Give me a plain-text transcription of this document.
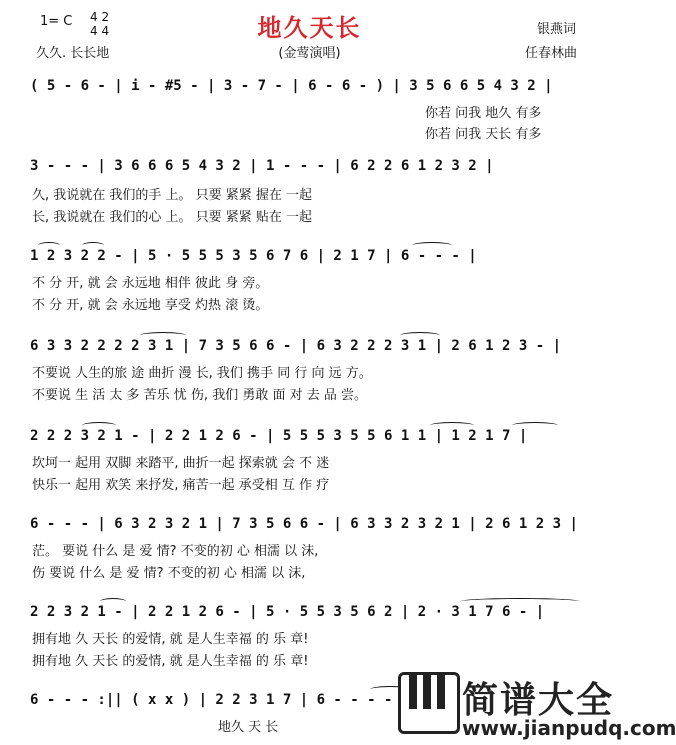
地久天长
(金莺演唱)
1= C 4 2
4 4
久久. 长长地
银燕词
任春林曲
( 5 - 6 - | i - #5 - | 3 - 7 - | 6 - 6 - ) | 3 5 6 6 5 4 3 2 |
你若 问我 地久 有多
你若 问我 天长 有多
3 - - - | 3 6 6 6 5 4 3 2 | 1 - - - | 6 2 2 6 1 2 3 2 |
久, 我说就在 我们的手 上。 只要 紧紧 握在 一起
长, 我说就在 我们的心 上。 只要 紧紧 贴在 一起
1 2 3 2 2 - | 5 · 5 5 5 3 5 6 7 6 | 2 1 7 | 6 - - - |
不 分 开, 就 会 永远地 相伴 彼此 身 旁。
不 分 开, 就 会 永远地 享受 灼热 滚 烫。
6 3 3 2 2 2 2 3 1 | 7 3 5 6 6 - | 6 3 2 2 2 3 1 | 2 6 1 2 3 - |
不要说 人生的旅 途 曲折 漫 长, 我们 携手 同 行 向 远 方。
不要说 生 活 太 多 苦乐 忧 伤, 我们 勇敢 面 对 去 品 尝。
2 2 2 3 2 1 - | 2 2 1 2 6 - | 5 5 5 3 5 5 6 1 1 | 1 2 1 7 |
坎坷一 起用 双脚 来踏平, 曲折一起 探索就 会 不 迷
快乐一 起用 欢笑 来抒发, 痛苦一起 承受相 互 作 疗
6 - - - | 6 3 2 3 2 1 | 7 3 5 6 6 - | 6 3 3 2 3 2 1 | 2 6 1 2 3 |
茫。 要说 什么 是 爱 情? 不变的初 心 相濡 以 沫,
伤 要说 什么 是 爱 情? 不变的初 心 相濡 以 沫,
2 2 3 2 1 - | 2 2 1 2 6 - | 5 · 5 5 3 5 6 2 | 2 · 3 1 7 6 - |
拥有地 久 天长 的爱情, 就 是人生幸福 的 乐 章!
拥有地 久 天长 的爱情, 就 是人生幸福 的 乐 章!
6 - - - :|| ( x x ) | 2 2 3 1 7 | 6 - - - -
地久 天 长
简谱大全
www.jianpudq.com
